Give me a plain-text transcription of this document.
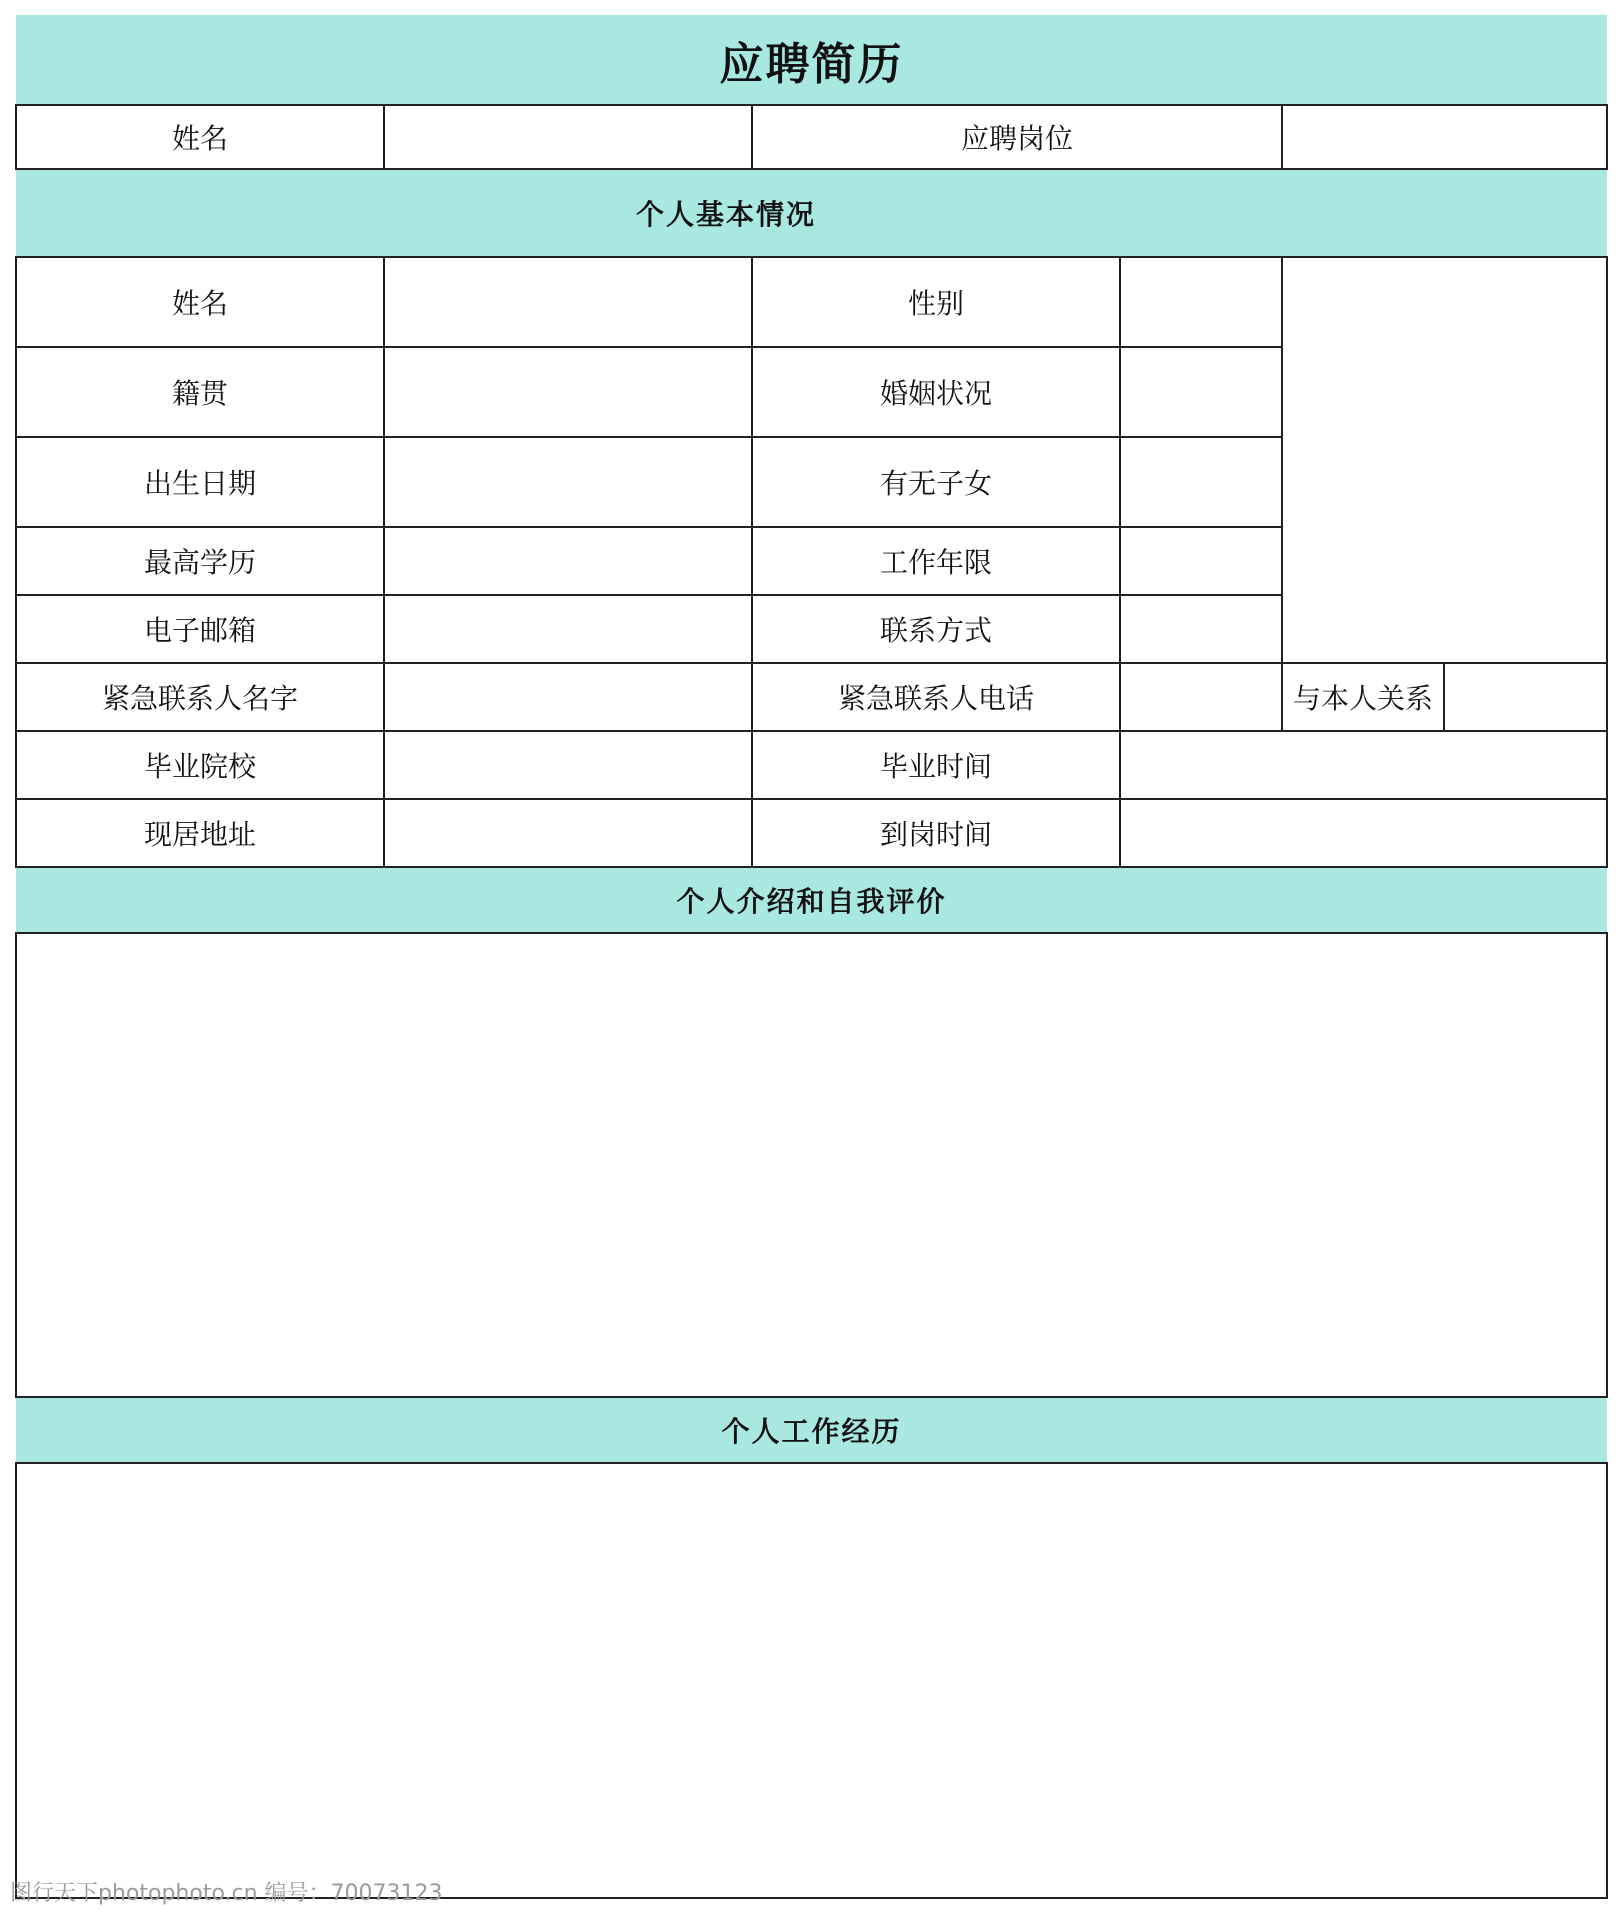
应聘简历					
姓名		应聘岗位			
个人基本情况					
姓名		性别			
籍贯		婚姻状况			
出生日期		有无子女			
最高学历		工作年限			
电子邮箱		联系方式			
紧急联系人名字		紧急联系人电话		与本人关系	
毕业院校		毕业时间			
现居地址		到岗时间			
个人介绍和自我评价					

个人工作经历					

图行天下photophoto.cn 编号：70073123
